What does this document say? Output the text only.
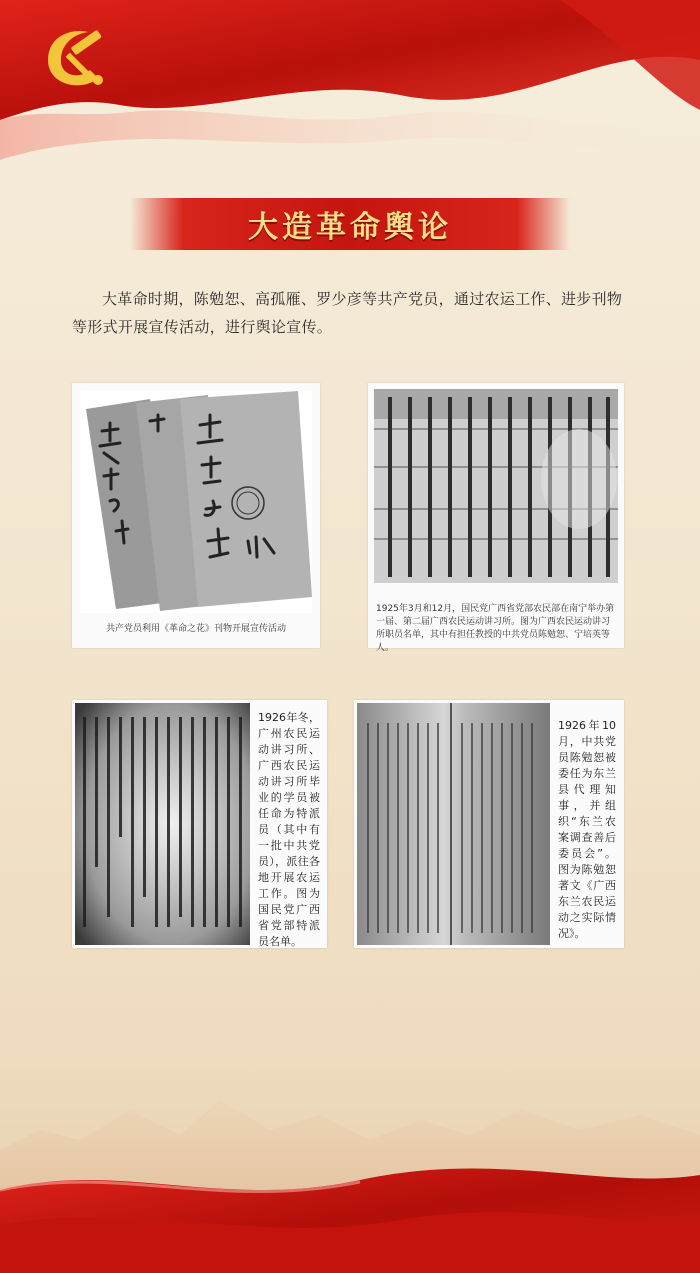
大造革命舆论
大革命时期，陈勉恕、高孤雁、罗少彦等共产党员，通过农运工作、进步刊物等形式开展宣传活动，进行舆论宣传。
共产党员利用《革命之花》刊物开展宣传活动
1925年3月和12月，国民党广西省党部农民部在南宁举办第一届、第二届广西农民运动讲习所。图为广西农民运动讲习所职员名单，其中有担任教授的中共党员陈勉恕、宁培英等人。
1926年冬，广州农民运动讲习所、广西农民运动讲习所毕业的学员被任命为特派员（其中有一批中共党员），派往各地开展农运工作。图为国民党广西省党部特派员名单。
1926年10月，中共党员陈勉恕被委任为东兰县代理知事，并组织“东兰农案调查善后委员会”。图为陈勉恕著文《广西东兰农民运动之实际情况》。
